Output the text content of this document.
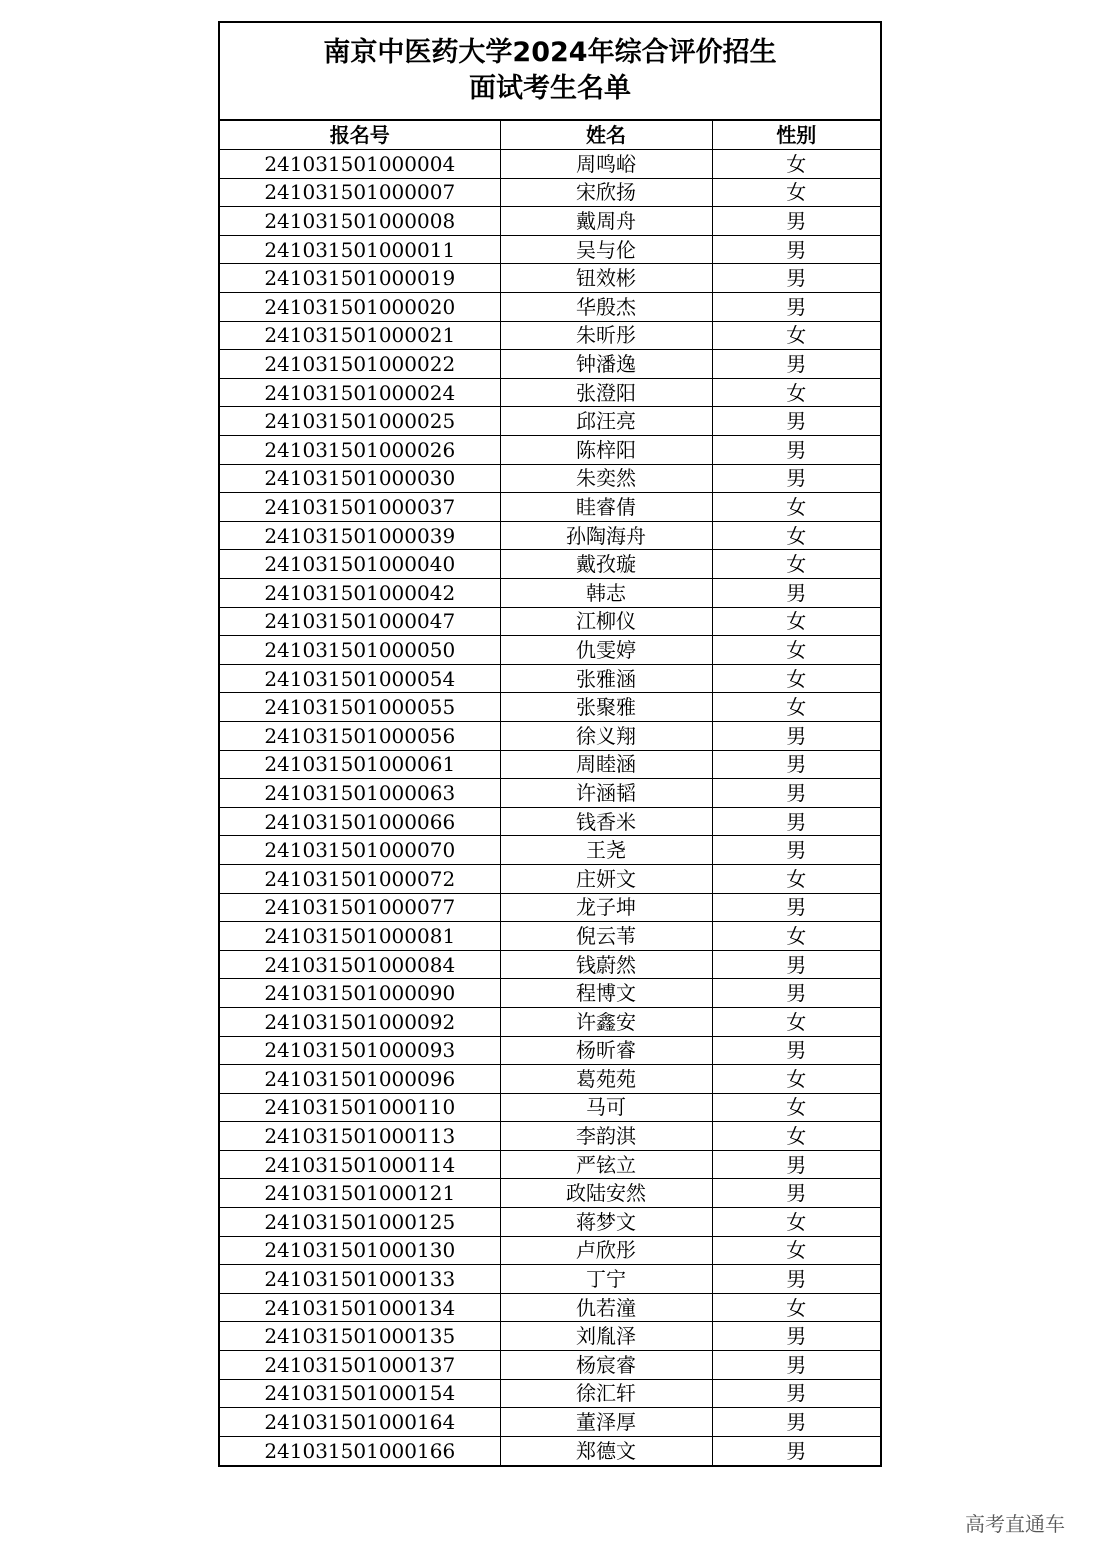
南京中医药大学2024年综合评价招生
面试考生名单
报名号	姓名	性别
241031501000004	周鸣峪	女
241031501000007	宋欣扬	女
241031501000008	戴周舟	男
241031501000011	吴与伦	男
241031501000019	钮效彬	男
241031501000020	华殷杰	男
241031501000021	朱昕彤	女
241031501000022	钟潘逸	男
241031501000024	张澄阳	女
241031501000025	邱汪亮	男
241031501000026	陈梓阳	男
241031501000030	朱奕然	男
241031501000037	眭睿倩	女
241031501000039	孙陶海舟	女
241031501000040	戴孜璇	女
241031501000042	韩志	男
241031501000047	江柳仪	女
241031501000050	仇雯婷	女
241031501000054	张雅涵	女
241031501000055	张聚雅	女
241031501000056	徐义翔	男
241031501000061	周睦涵	男
241031501000063	许涵韬	男
241031501000066	钱香米	男
241031501000070	王尧	男
241031501000072	庄妍文	女
241031501000077	龙子坤	男
241031501000081	倪云苇	女
241031501000084	钱蔚然	男
241031501000090	程博文	男
241031501000092	许鑫安	女
241031501000093	杨昕睿	男
241031501000096	葛苑苑	女
241031501000110	马可	女
241031501000113	李韵淇	女
241031501000114	严铉立	男
241031501000121	政陆安然	男
241031501000125	蒋梦文	女
241031501000130	卢欣彤	女
241031501000133	丁宁	男
241031501000134	仇若潼	女
241031501000135	刘胤泽	男
241031501000137	杨宸睿	男
241031501000154	徐汇轩	男
241031501000164	董泽厚	男
241031501000166	郑德文	男
高考直通车
